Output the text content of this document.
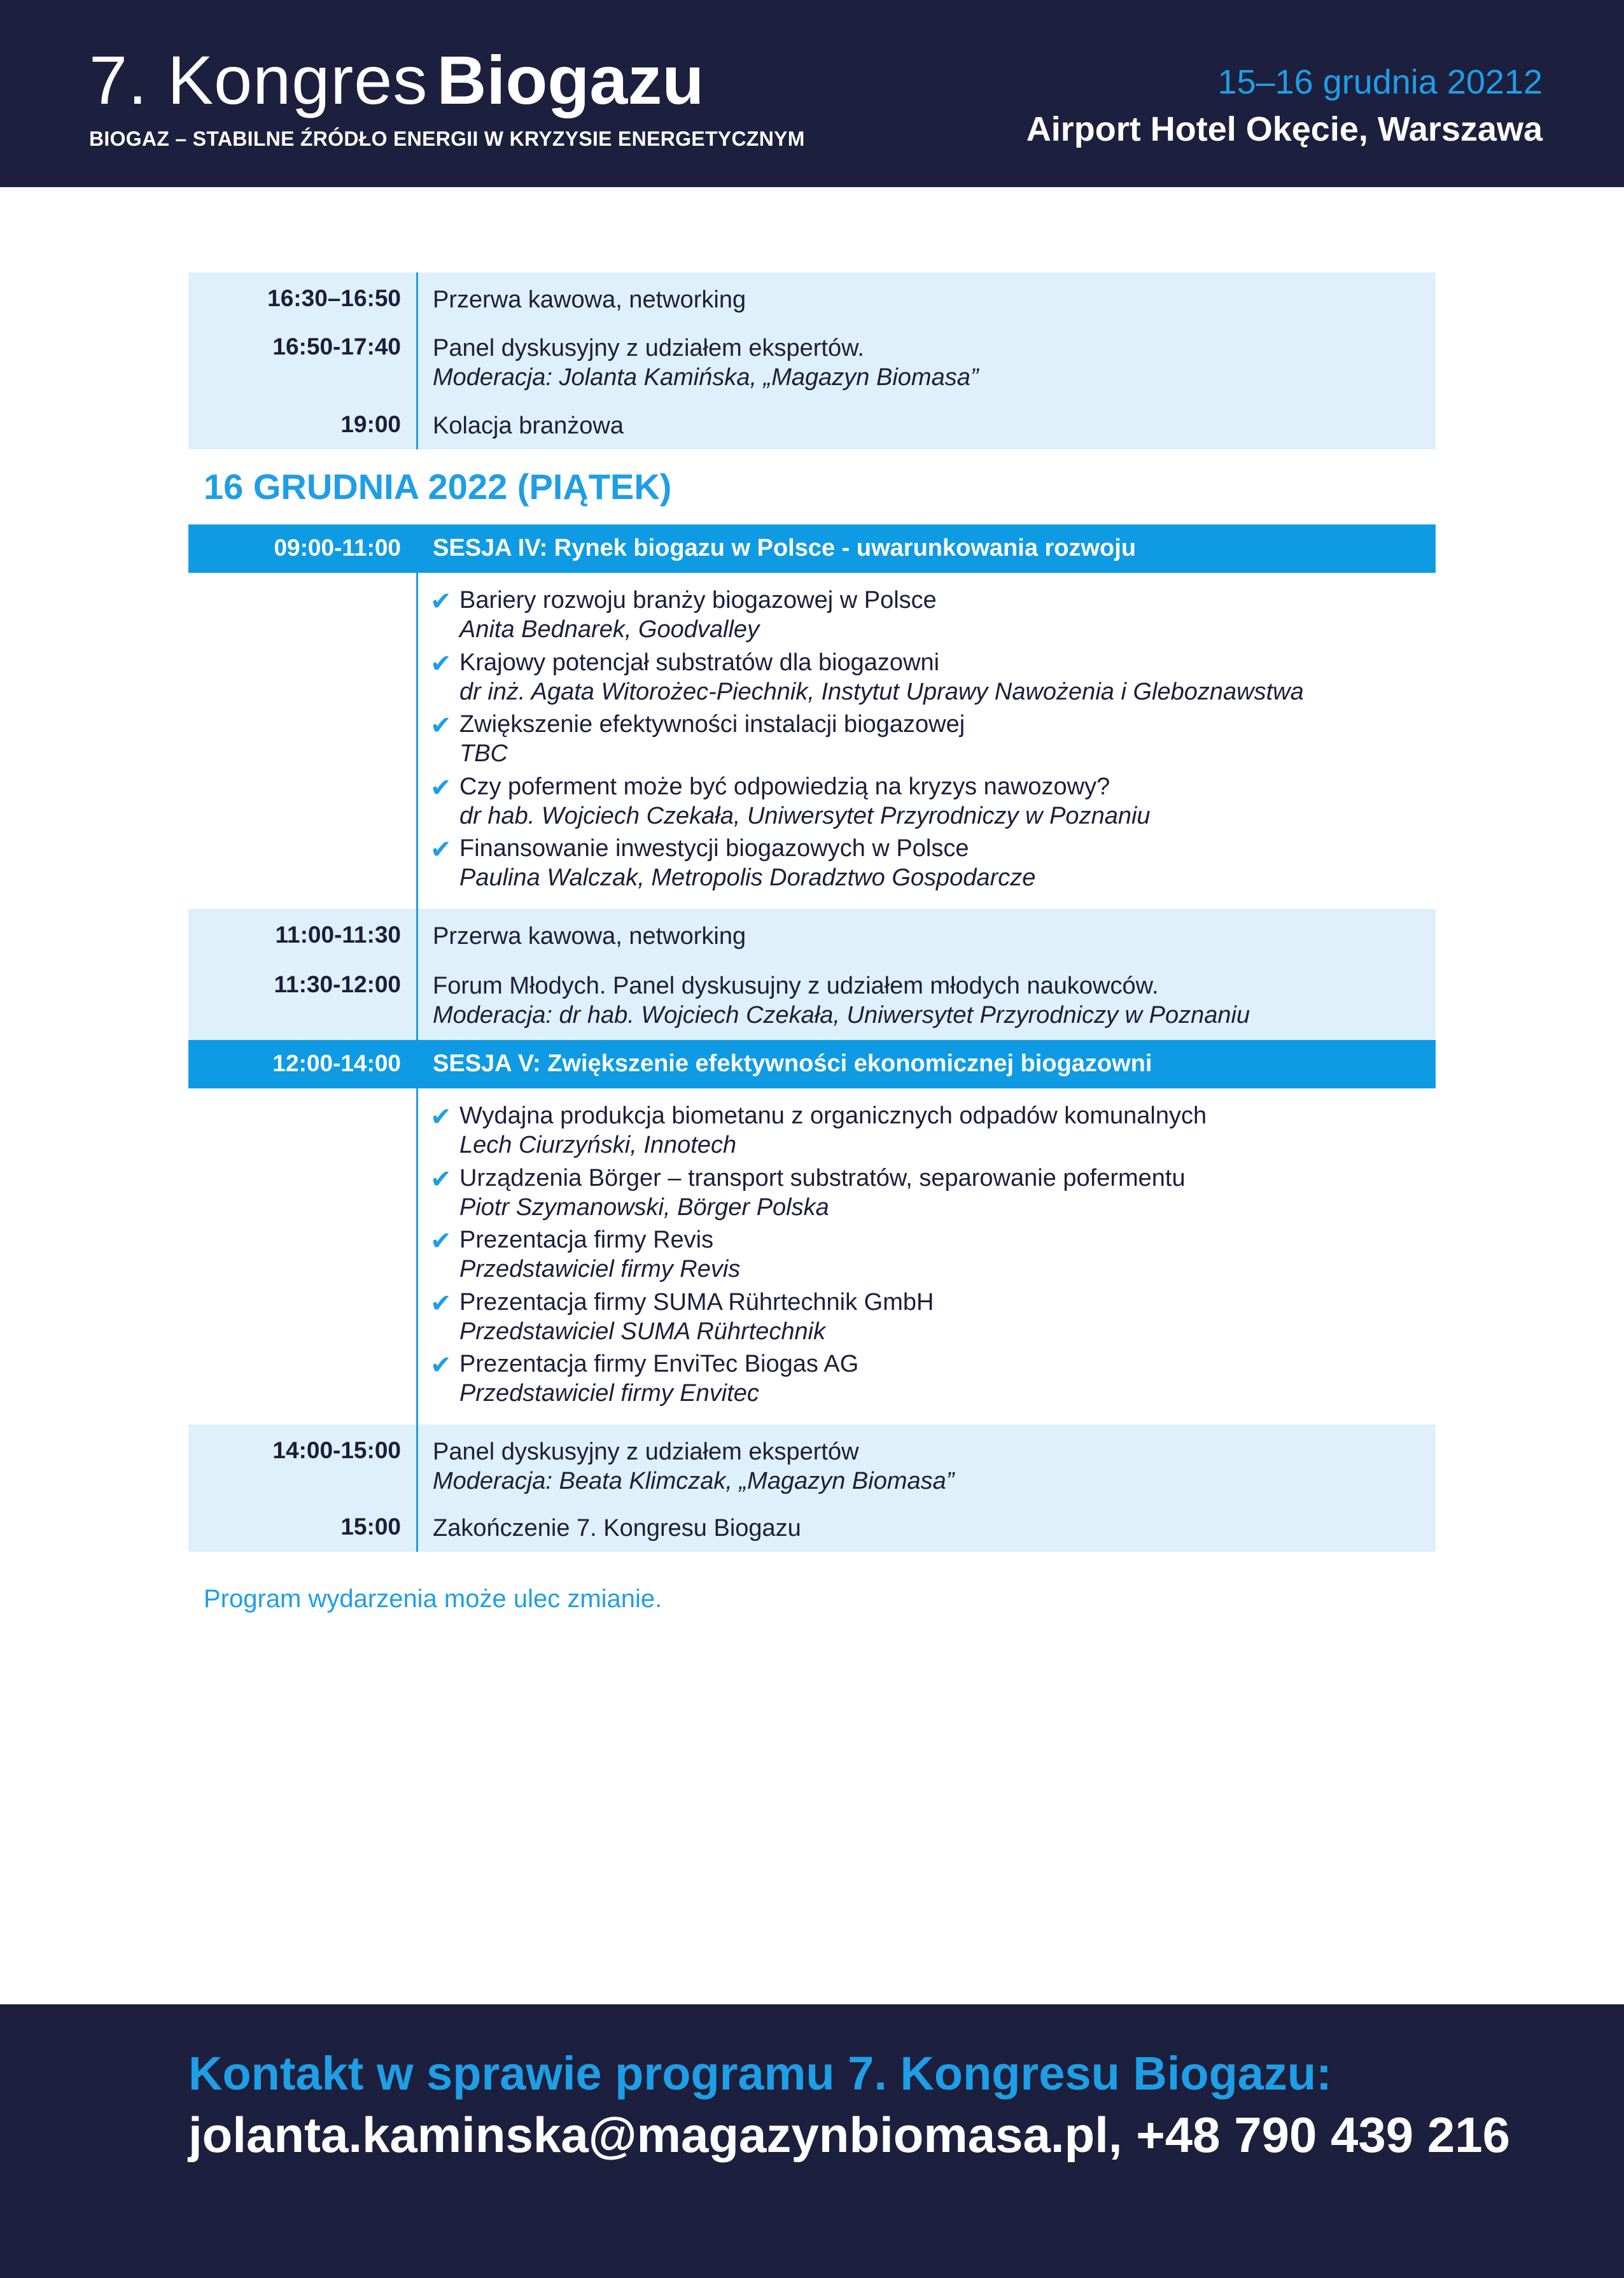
7. Kongres Biogazu
BIOGAZ – STABILNE ŹRÓDŁO ENERGII W KRYZYSIE ENERGETYCZNYM
15–16 grudnia 20212
Airport Hotel Okęcie, Warszawa
16:30–16:50 Przerwa kawowa, networking
16:50-17:40 Panel dyskusyjny z udziałem ekspertów.
Moderacja: Jolanta Kamińska, „Magazyn Biomasa”
19:00 Kolacja branżowa
16 GRUDNIA 2022 (PIĄTEK)
09:00-11:00 SESJA IV: Rynek biogazu w Polsce - uwarunkowania rozwoju
✔ Bariery rozwoju branży biogazowej w Polsce
Anita Bednarek, Goodvalley
✔ Krajowy potencjał substratów dla biogazowni
dr inż. Agata Witorożec-Piechnik, Instytut Uprawy Nawożenia i Gleboznawstwa
✔ Zwiększenie efektywności instalacji biogazowej
TBC
✔ Czy poferment może być odpowiedzią na kryzys nawozowy?
dr hab. Wojciech Czekała, Uniwersytet Przyrodniczy w Poznaniu
✔ Finansowanie inwestycji biogazowych w Polsce
Paulina Walczak, Metropolis Doradztwo Gospodarcze
11:00-11:30 Przerwa kawowa, networking
11:30-12:00 Forum Młodych. Panel dyskusujny z udziałem młodych naukowców.
Moderacja: dr hab. Wojciech Czekała, Uniwersytet Przyrodniczy w Poznaniu
12:00-14:00 SESJA V: Zwiększenie efektywności ekonomicznej biogazowni
✔ Wydajna produkcja biometanu z organicznych odpadów komunalnych
Lech Ciurzyński, Innotech
✔ Urządzenia Börger – transport substratów, separowanie pofermentu
Piotr Szymanowski, Börger Polska
✔ Prezentacja firmy Revis
Przedstawiciel firmy Revis
✔ Prezentacja firmy SUMA Rührtechnik GmbH
Przedstawiciel SUMA Rührtechnik
✔ Prezentacja firmy EnviTec Biogas AG
Przedstawiciel firmy Envitec
14:00-15:00 Panel dyskusyjny z udziałem ekspertów
Moderacja: Beata Klimczak, „Magazyn Biomasa”
15:00 Zakończenie 7. Kongresu Biogazu
Program wydarzenia może ulec zmianie.
Kontakt w sprawie programu 7. Kongresu Biogazu:
jolanta.kaminska@magazynbiomasa.pl, +48 790 439 216
